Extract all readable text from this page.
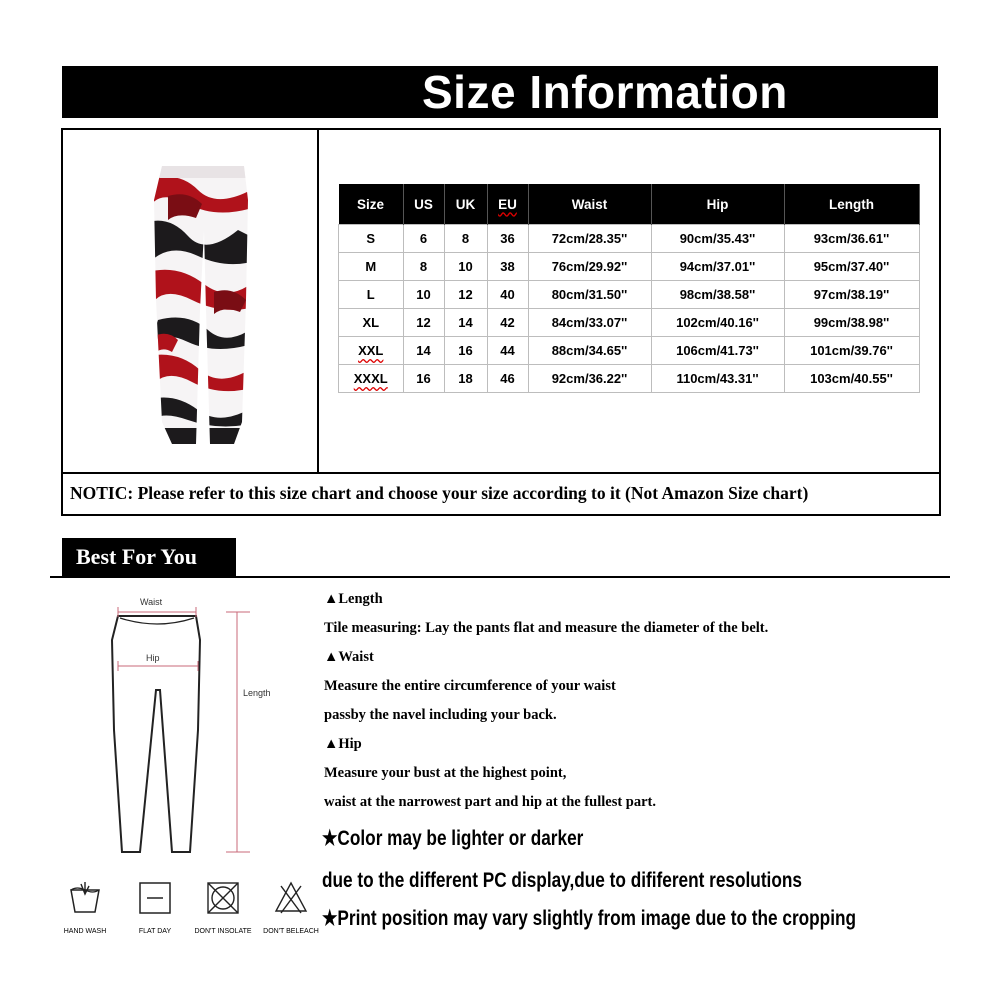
Size Information
Size	US	UK	EU	Waist	Hip	Length
S	6	8	36	72cm/28.35''	90cm/35.43''	93cm/36.61''
M	8	10	38	76cm/29.92''	94cm/37.01''	95cm/37.40''
L	10	12	40	80cm/31.50''	98cm/38.58''	97cm/38.19''
XL	12	14	42	84cm/33.07''	102cm/40.16''	99cm/38.98''
XXL	14	16	44	88cm/34.65''	106cm/41.73''	101cm/39.76''
XXXL	16	18	46	92cm/36.22''	110cm/43.31''	103cm/40.55''
NOTIC: Please refer to this size chart and choose your size according to it (Not Amazon Size chart)
Best For You
Waist
Hip
Length
HAND WASH	FLAT DAY	DON'T INSOLATE	DON'T BELEACH
▲Length
Tile measuring: Lay the pants flat and measure the diameter of the belt.
▲Waist
Measure the entire circumference of your waist
passby the navel including your back.
▲Hip
Measure your bust at the highest point,
waist at the narrowest part and hip at the fullest part.
★Color may be lighter or darker
due to the different PC display,due to dififerent resolutions
★Print position may vary slightly from image due to the cropping
